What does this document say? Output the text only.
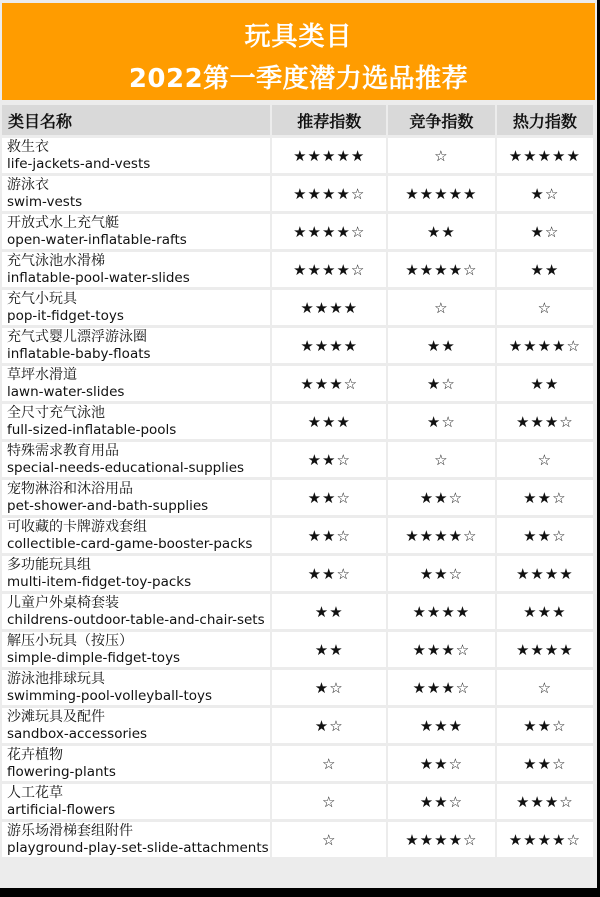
玩具类目
2022第一季度潜力选品推荐
类目名称	推荐指数	竞争指数	热力指数

救生衣
life-jackets-and-vests	★★★★★	☆	★★★★★

游泳衣
swim-vests	★★★★☆	★★★★★	★☆

开放式水上充气艇
open-water-inflatable-rafts	★★★★☆	★★	★☆

充气泳池水滑梯
inflatable-pool-water-slides	★★★★☆	★★★★☆	★★

充气小玩具
pop-it-fidget-toys	★★★★	☆	☆

充气式婴儿漂浮游泳圈
inflatable-baby-floats	★★★★	★★	★★★★☆

草坪水滑道
lawn-water-slides	★★★☆	★☆	★★

全尺寸充气泳池
full-sized-inflatable-pools	★★★	★☆	★★★☆

特殊需求教育用品
special-needs-educational-supplies	★★☆	☆	☆

宠物淋浴和沐浴用品
pet-shower-and-bath-supplies	★★☆	★★☆	★★☆

可收藏的卡牌游戏套组
collectible-card-game-booster-packs	★★☆	★★★★☆	★★☆

多功能玩具组
multi-item-fidget-toy-packs	★★☆	★★☆	★★★★

儿童户外桌椅套装
childrens-outdoor-table-and-chair-sets	★★	★★★★	★★★

解压小玩具（按压）
simple-dimple-fidget-toys	★★	★★★☆	★★★★

游泳池排球玩具
swimming-pool-volleyball-toys	★☆	★★★☆	☆

沙滩玩具及配件
sandbox-accessories	★☆	★★★	★★☆

花卉植物
flowering-plants	☆	★★☆	★★☆

人工花草
artificial-flowers	☆	★★☆	★★★☆

游乐场滑梯套组附件
playground-play-set-slide-attachments	☆	★★★★☆	★★★★☆
